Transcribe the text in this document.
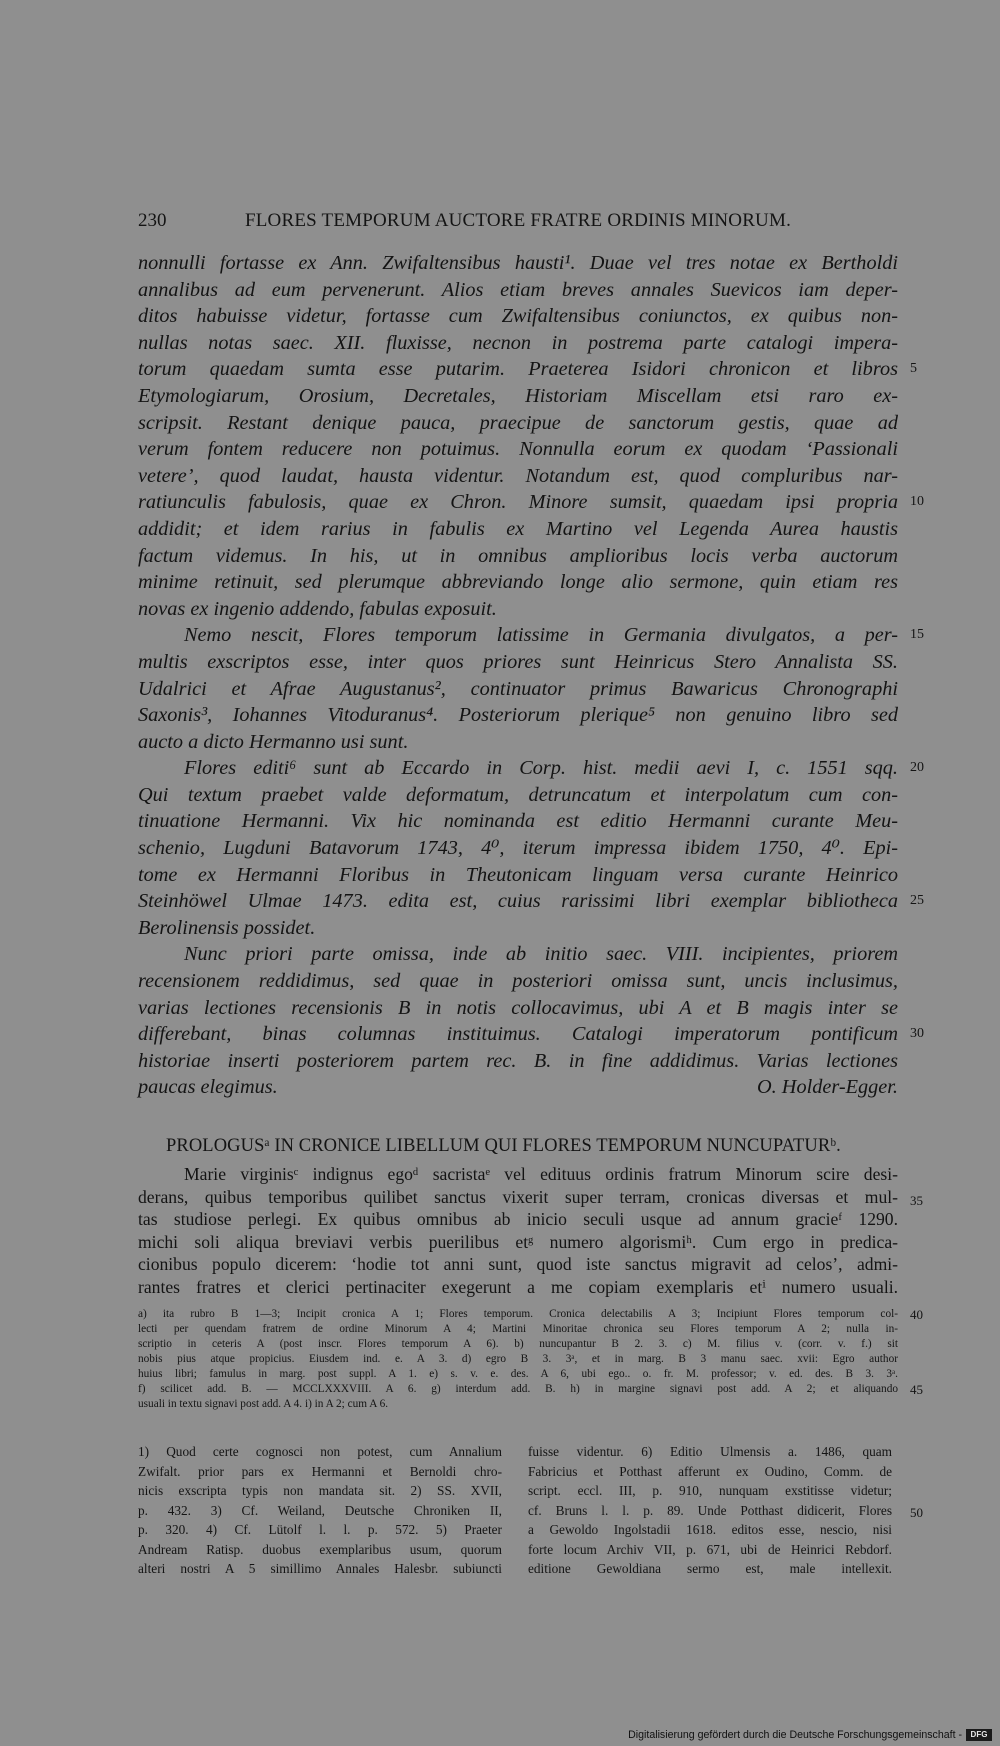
230	FLORES TEMPORUM AUCTORE FRATRE ORDINIS MINORUM.
nonnulli fortasse ex Ann. Zwifaltensibus hausti¹. Duae vel tres notae ex Bertholdi
annalibus ad eum pervenerunt. Alios etiam breves annales Suevicos iam deper-
ditos habuisse videtur, fortasse cum Zwifaltensibus coniunctos, ex quibus non-
nullas notas saec. XII. fluxisse, necnon in postrema parte catalogi impera-
torum quaedam sumta esse putarim. Praeterea Isidori chronicon et libros 5
Etymologiarum, Orosium, Decretales, Historiam Miscellam etsi raro ex-
scripsit. Restant denique pauca, praecipue de sanctorum gestis, quae ad
verum fontem reducere non potuimus. Nonnulla eorum ex quodam ‘Passionali
vetere’, quod laudat, hausta videntur. Notandum est, quod compluribus nar-
ratiunculis fabulosis, quae ex Chron. Minore sumsit, quaedam ipsi propria 10
addidit; et idem rarius in fabulis ex Martino vel Legenda Aurea haustis
factum videmus. In his, ut in omnibus amplioribus locis verba auctorum
minime retinuit, sed plerumque abbreviando longe alio sermone, quin etiam res
novas ex ingenio addendo, fabulas exposuit.
Nemo nescit, Flores temporum latissime in Germania divulgatos, a per- 15
multis exscriptos esse, inter quos priores sunt Heinricus Stero Annalista SS.
Udalrici et Afrae Augustanus², continuator primus Bawaricus Chronographi
Saxonis³, Iohannes Vitoduranus⁴. Posteriorum plerique⁵ non genuino libro sed
aucto a dicto Hermanno usi sunt.
Flores editi⁶ sunt ab Eccardo in Corp. hist. medii aevi I, c. 1551 sqq. 20
Qui textum praebet valde deformatum, detruncatum et interpolatum cum con-
tinuatione Hermanni. Vix hic nominanda est editio Hermanni curante Meu-
schenio, Lugduni Batavorum 1743, 4⁰, iterum impressa ibidem 1750, 4⁰. Epi-
tome ex Hermanni Floribus in Theutonicam linguam versa curante Heinrico
Steinhöwel Ulmae 1473. edita est, cuius rarissimi libri exemplar bibliotheca 25
Berolinensis possidet.
Nunc priori parte omissa, inde ab initio saec. VIII. incipientes, priorem
recensionem reddidimus, sed quae in posteriori omissa sunt, uncis inclusimus,
varias lectiones recensionis B in notis collocavimus, ubi A et B magis inter se
differebant, binas columnas instituimus. Catalogi imperatorum pontificum 30
historiae inserti posteriorem partem rec. B. in fine addidimus. Varias lectiones
paucas elegimus.	O. Holder-Egger.
PROLOGUSᵃ IN CRONICE LIBELLUM QUI FLORES TEMPORUM NUNCUPATURᵇ.
Marie virginisᶜ indignus egoᵈ sacristaᵉ vel edituus ordinis fratrum Minorum scire desi-
derans, quibus temporibus quilibet sanctus vixerit super terram, cronicas diversas et mul- 35
tas studiose perlegi. Ex quibus omnibus ab inicio seculi usque ad annum gracieᶠ 1290.
michi soli aliqua breviavi verbis puerilibus etᵍ numero algorismiʰ. Cum ergo in predica-
cionibus populo dicerem: ‘hodie tot anni sunt, quod iste sanctus migravit ad celos’, admi-
rantes fratres et clerici pertinaciter exegerunt a me copiam exemplaris etⁱ numero usuali.
a) ita rubro B 1—3; Incipit cronica A 1; Flores temporum. Cronica delectabilis A 3; Incipiunt Flores temporum col- 40
lecti per quendam fratrem de ordine Minorum A 4; Martini Minoritae chronica seu Flores temporum A 2; nulla in-
scriptio in ceteris A (post inscr. Flores temporum A 6). b) nuncupantur B 2. 3. c) M. filius v. (corr. v. f.) sit
nobis pius atque propicius. Eiusdem ind. e. A 3. d) egro B 3. 3ᵃ, et in marg. B 3 manu saec. xvii: Egro author
huius libri; famulus in marg. post suppl. A 1. e) s. v. e. des. A 6, ubi ego.. o. fr. M. professor; v. ed. des. B 3. 3ᵃ.
f) scilicet add. B. — MCCLXXXVIII. A 6. g) interdum add. B. h) in margine signavi post add. A 2; et aliquando 45
usuali in textu signavi post add. A 4. i) in A 2; cum A 6.
1) Quod certe cognosci non potest, cum Annalium
Zwifalt. prior pars ex Hermanni et Bernoldi chro-
nicis exscripta typis non mandata sit. 2) SS. XVII,
p. 432. 3) Cf. Weiland, Deutsche Chroniken II,
p. 320. 4) Cf. Lütolf l. l. p. 572. 5) Praeter
Andream Ratisp. duobus exemplaribus usum, quorum
alteri nostri A 5 simillimo Annales Halesbr. subiuncti
fuisse videntur. 6) Editio Ulmensis a. 1486, quam
Fabricius et Potthast afferunt ex Oudino, Comm. de
script. eccl. III, p. 910, nunquam exstitisse videtur;
cf. Bruns l. l. p. 89. Unde Potthast didicerit, Flores 50
a Gewoldo Ingolstadii 1618. editos esse, nescio, nisi
forte locum Archiv VII, p. 671, ubi de Heinrici Rebdorf.
editione Gewoldiana sermo est, male intellexit.
Digitalisierung gefördert durch die Deutsche Forschungsgemeinschaft -	DFG
